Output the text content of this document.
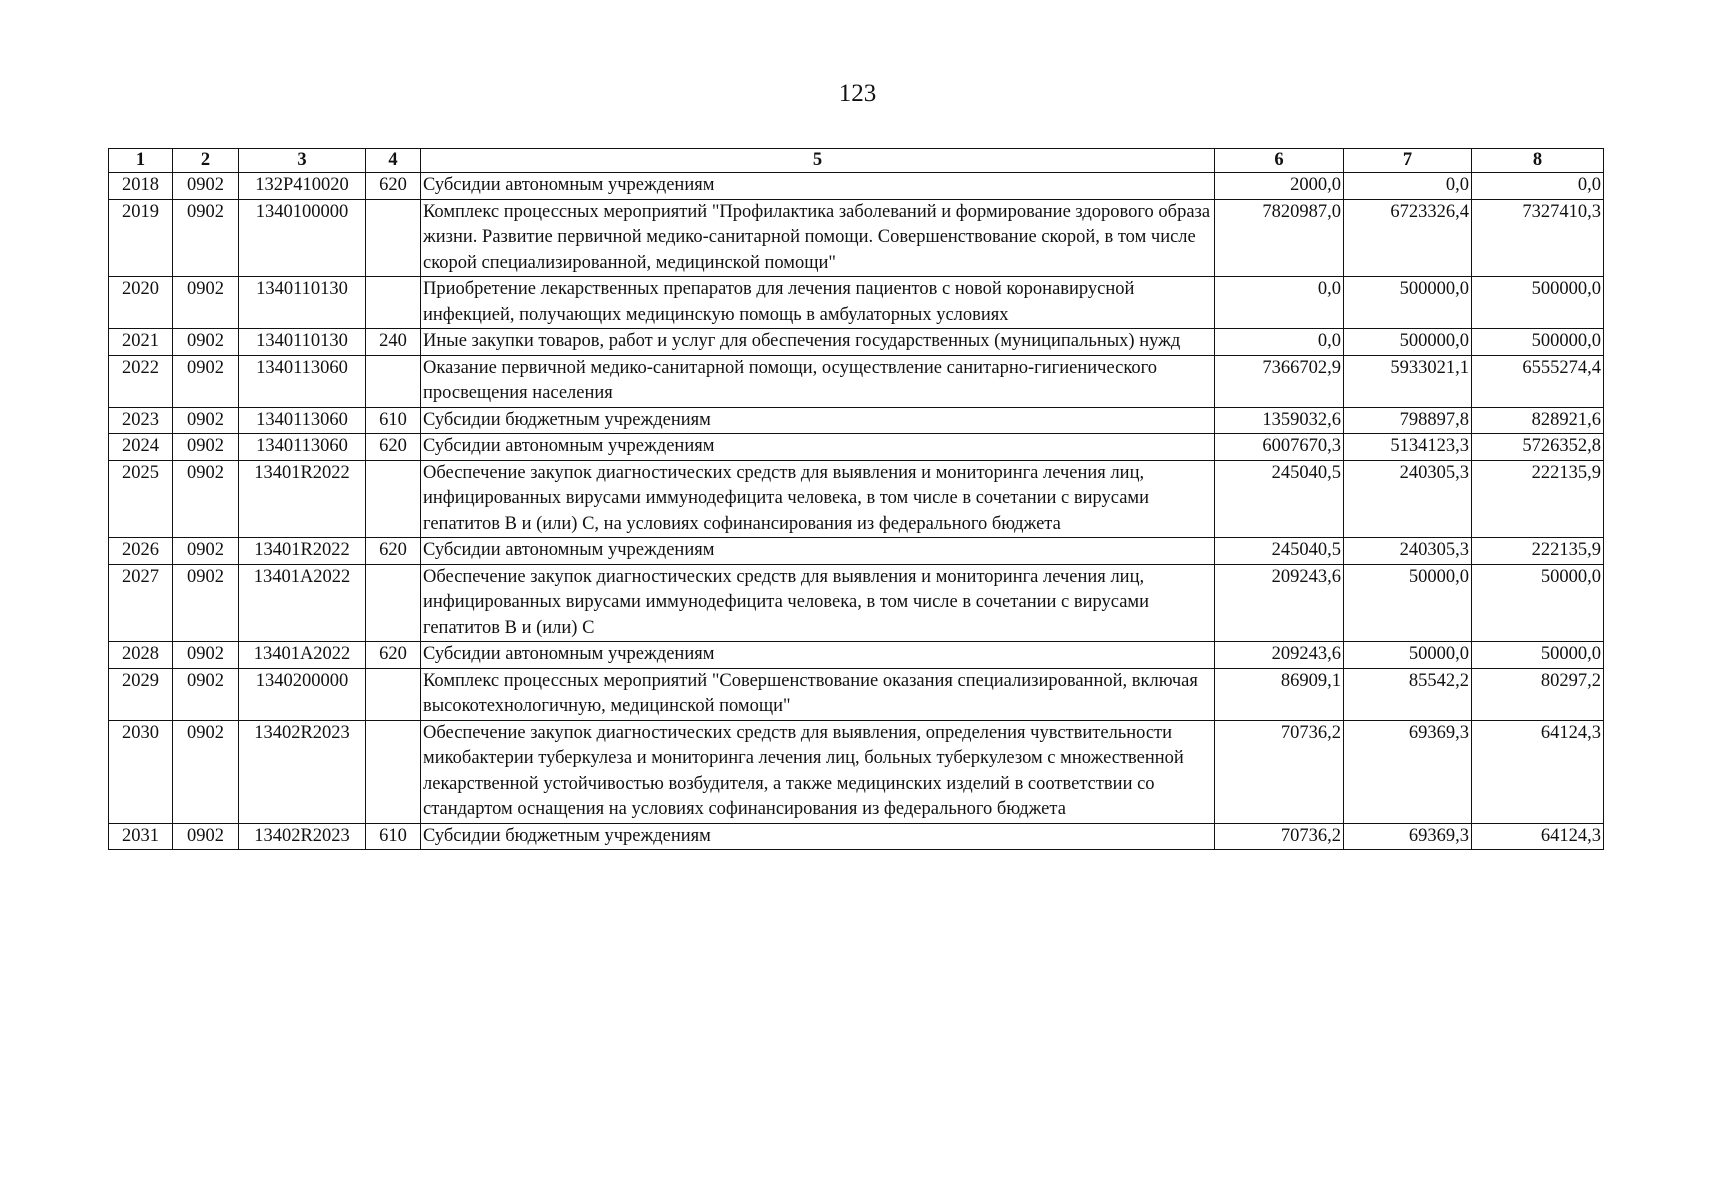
123
1	2	3	4	5	6	7	8
2018	0902	132P410020	620	Субсидии автономным учреждениям	2000,0	0,0	0,0
2019	0902	1340100000		Комплекс процессных мероприятий "Профилактика заболеваний и формирование здорового образа жизни. Развитие первичной медико-санитарной помощи. Совершенствование скорой, в том числе скорой специализированной, медицинской помощи"	7820987,0	6723326,4	7327410,3
2020	0902	1340110130		Приобретение лекарственных препаратов для лечения пациентов с новой коронавирусной инфекцией, получающих медицинскую помощь в амбулаторных условиях	0,0	500000,0	500000,0
2021	0902	1340110130	240	Иные закупки товаров, работ и услуг для обеспечения государственных (муниципальных) нужд	0,0	500000,0	500000,0
2022	0902	1340113060		Оказание первичной медико-санитарной помощи, осуществление санитарно-гигиенического просвещения населения	7366702,9	5933021,1	6555274,4
2023	0902	1340113060	610	Субсидии бюджетным учреждениям	1359032,6	798897,8	828921,6
2024	0902	1340113060	620	Субсидии автономным учреждениям	6007670,3	5134123,3	5726352,8
2025	0902	13401R2022		Обеспечение закупок диагностических средств для выявления и мониторинга лечения лиц, инфицированных вирусами иммунодефицита человека, в том числе в сочетании с вирусами гепатитов В и (или) С, на условиях софинансирования из федерального бюджета	245040,5	240305,3	222135,9
2026	0902	13401R2022	620	Субсидии автономным учреждениям	245040,5	240305,3	222135,9
2027	0902	13401A2022		Обеспечение закупок диагностических средств для выявления и мониторинга лечения лиц, инфицированных вирусами иммунодефицита человека, в том числе в сочетании с вирусами гепатитов В и (или) С	209243,6	50000,0	50000,0
2028	0902	13401A2022	620	Субсидии автономным учреждениям	209243,6	50000,0	50000,0
2029	0902	1340200000		Комплекс процессных мероприятий "Совершенствование оказания специализированной, включая высокотехнологичную, медицинской помощи"	86909,1	85542,2	80297,2
2030	0902	13402R2023		Обеспечение закупок диагностических средств для выявления, определения чувствительности микобактерии туберкулеза и мониторинга лечения лиц, больных туберкулезом с множественной лекарственной устойчивостью возбудителя, а также медицинских изделий в соответствии со стандартом оснащения на условиях софинансирования из федерального бюджета	70736,2	69369,3	64124,3
2031	0902	13402R2023	610	Субсидии бюджетным учреждениям	70736,2	69369,3	64124,3
